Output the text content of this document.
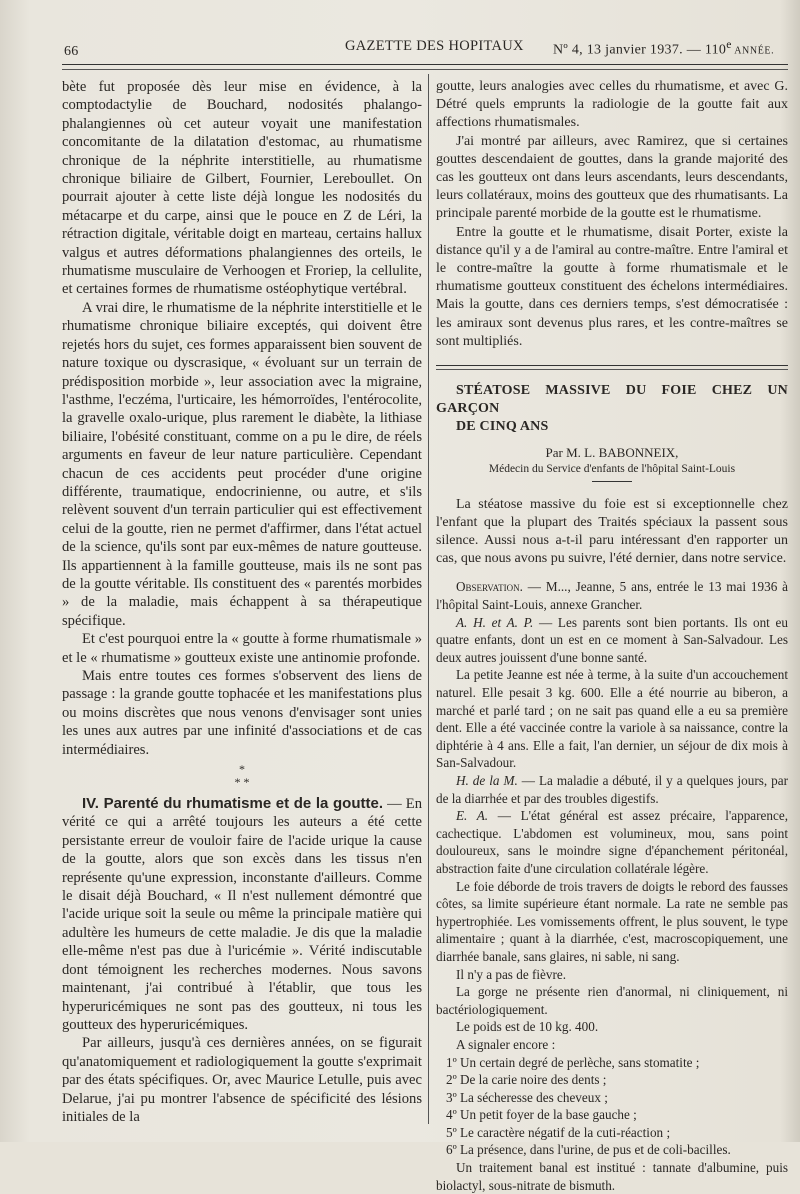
66	GAZETTE DES HOPITAUX Nº 4, 13 janvier 1937. — 110e ANNÉE.

bète fut proposée dès leur mise en évidence, à la comptodactylie de Bouchard, nodosités phalango-phalangiennes où cet auteur voyait une manifestation concomitante de la dilatation d'estomac, au rhumatisme chronique de la néphrite interstitielle, au rhumatisme chronique biliaire de Gilbert, Fournier, Lereboullet. On pourrait ajouter à cette liste déjà longue les nodosités du métacarpe et du carpe, ainsi que le pouce en Z de Léri, la rétraction digitale, véritable doigt en marteau, certains hallux valgus et autres déformations phalangiennes des orteils, le rhumatisme musculaire de Verhoogen et Froriep, la cellulite, et certaines formes de rhumatisme ostéophytique vertébral.

A vrai dire, le rhumatisme de la néphrite interstitielle et le rhumatisme chronique biliaire exceptés, qui doivent être rejetés hors du sujet, ces formes apparaissent bien souvent de nature toxique ou dyscrasique, « évoluant sur un terrain de prédisposition morbide », leur association avec la migraine, l'asthme, l'eczéma, l'urticaire, les hémorroïdes, l'entérocolite, la gravelle oxalo-urique, plus rarement le diabète, la lithiase biliaire, l'obésité constituant, comme on a pu le dire, de réels arguments en faveur de leur nature particulière. Cependant chacun de ces accidents peut procéder d'une origine différente, traumatique, endocrinienne, ou autre, et s'ils relèvent souvent d'un terrain particulier qui est effectivement celui de la goutte, rien ne permet d'affirmer, dans l'état actuel de la science, qu'ils sont par eux-mêmes de nature goutteuse. Ils appartiennent à la famille goutteuse, mais ils ne sont pas de la goutte véritable. Ils constituent des « parentés morbides » de la maladie, mais échappent à sa thérapeutique spécifique.

Et c'est pourquoi entre la « goutte à forme rhumatismale » et le « rhumatisme » goutteux existe une antinomie profonde.

Mais entre toutes ces formes s'observent des liens de passage : la grande goutte tophacée et les manifestations plus ou moins discrètes que nous venons d'envisager sont unies les unes aux autres par une infinité d'associations et de cas intermédiaires.

*
* *

IV. Parenté du rhumatisme et de la goutte. — En vérité ce qui a arrêté toujours les auteurs a été cette persistante erreur de vouloir faire de l'acide urique la cause de la goutte, alors que son excès dans les tissus n'en représente qu'une expression, inconstante d'ailleurs. Comme le disait déjà Bouchard, « Il n'est nullement démontré que l'acide urique soit la seule ou même la principale matière qui adultère les humeurs de cette maladie. Je dis que la maladie elle-même n'est pas due à l'uricémie ». Vérité indiscutable dont témoignent les recherches modernes. Nous savons maintenant, j'ai contribué à l'établir, que tous les hyperuricémiques ne sont pas des goutteux, ni tous les goutteux des hyperuricémiques.

Par ailleurs, jusqu'à ces dernières années, on se figurait qu'anatomiquement et radiologiquement la goutte s'exprimait par des états spécifiques. Or, avec Maurice Letulle, puis avec Delarue, j'ai pu montrer l'absence de spécificité des lésions initiales de la

goutte, leurs analogies avec celles du rhumatisme, et avec G. Détré quels emprunts la radiologie de la goutte fait aux affections rhumatismales.

J'ai montré par ailleurs, avec Ramirez, que si certaines gouttes descendaient de gouttes, dans la grande majorité des cas les goutteux ont dans leurs ascendants, leurs descendants, leurs collatéraux, moins des goutteux que des rhumatisants. La principale parenté morbide de la goutte est le rhumatisme.

Entre la goutte et le rhumatisme, disait Porter, existe la distance qu'il y a de l'amiral au contre-maître. Entre l'amiral et le contre-maître la goutte à forme rhumatismale et le rhumatisme goutteux constituent des échelons intermédiaires. Mais la goutte, dans ces derniers temps, s'est démocratisée : les amiraux sont devenus plus rares, et les contre-maîtres se sont multipliés.

STÉATOSE MASSIVE DU FOIE CHEZ UN GARÇON

DE CINQ ANS

Par M. L. BABONNEIX,
Médecin du Service d'enfants de l'hôpital Saint-Louis

La stéatose massive du foie est si exceptionnelle chez l'enfant que la plupart des Traités spéciaux la passent sous silence. Aussi nous a-t-il paru intéressant d'en rapporter un cas, que nous avons pu suivre, l'été dernier, dans notre service.

Observation. — M..., Jeanne, 5 ans, entrée le 13 mai 1936 à l'hôpital Saint-Louis, annexe Grancher.

A. H. et A. P. — Les parents sont bien portants. Ils ont eu quatre enfants, dont un est en ce moment à San-Salvadour. Les deux autres jouissent d'une bonne santé.

La petite Jeanne est née à terme, à la suite d'un accouchement naturel. Elle pesait 3 kg. 600. Elle a été nourrie au biberon, a marché et parlé tard ; on ne sait pas quand elle a eu sa première dent. Elle a été vaccinée contre la variole à sa naissance, contre la diphtérie à 4 ans. Elle a fait, l'an dernier, un séjour de dix mois à San-Salvadour.

H. de la M. — La maladie a débuté, il y a quelques jours, par de la diarrhée et par des troubles digestifs.

E. A. — L'état général est assez précaire, l'apparence, cachectique. L'abdomen est volumineux, mou, sans point douloureux, sans le moindre signe d'épanchement péritonéal, abstraction faite d'une circulation collatérale légère.

Le foie déborde de trois travers de doigts le rebord des fausses côtes, sa limite supérieure étant normale. La rate ne semble pas hypertrophiée. Les vomissements offrent, le plus souvent, le type alimentaire ; quant à la diarrhée, c'est, macroscopiquement, une diarrhée banale, sans glaires, ni sable, ni sang.

Il n'y a pas de fièvre.

La gorge ne présente rien d'anormal, ni cliniquement, ni bactériologiquement.

Le poids est de 10 kg. 400.

A signaler encore :

1º Un certain degré de perlèche, sans stomatite ;

2º De la carie noire des dents ;

3º La sécheresse des cheveux ;

4º Un petit foyer de la base gauche ;

5º Le caractère négatif de la cuti-réaction ;

6º La présence, dans l'urine, de pus et de coli-bacilles.

Un traitement banal est institué : tannate d'albumine, puis biolactyl, sous-nitrate de bismuth.
